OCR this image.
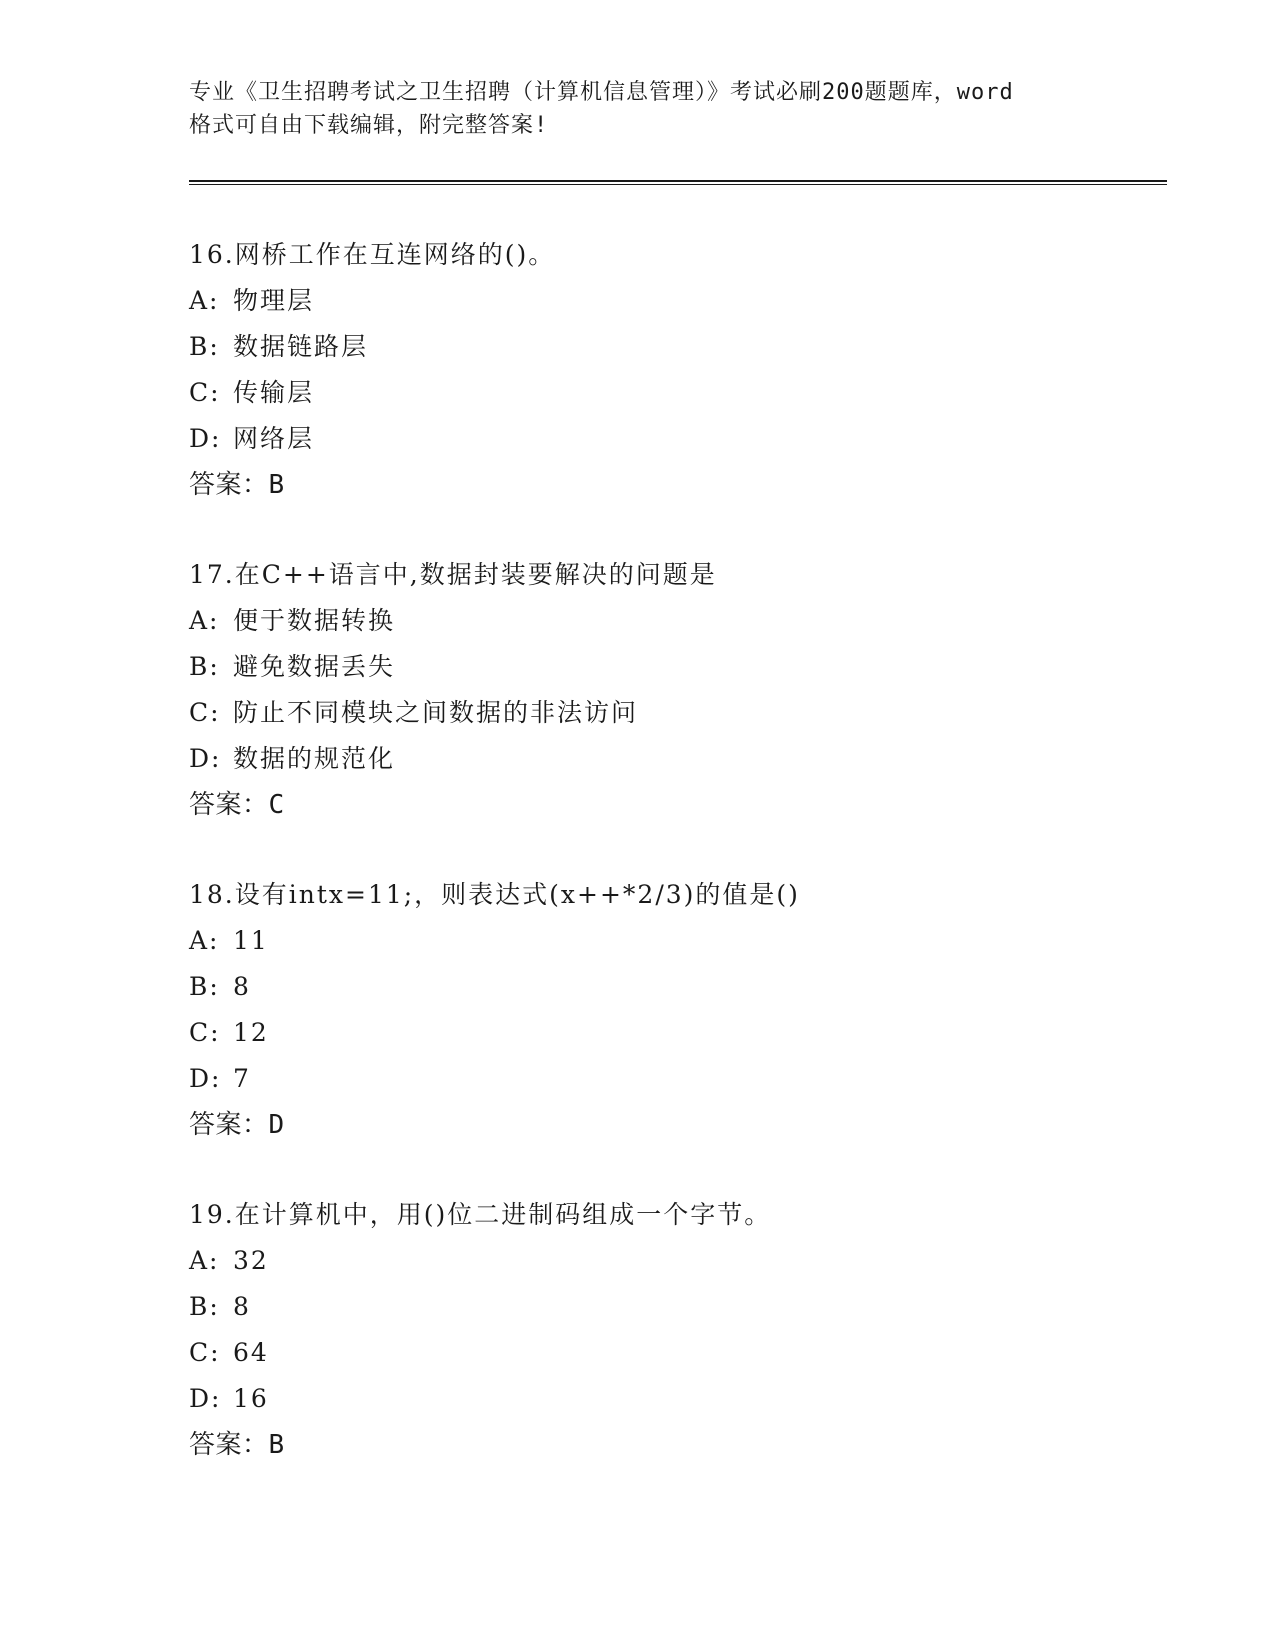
专业《卫生招聘考试之卫生招聘（计算机信息管理）》考试必刷200题题库，word
格式可自由下载编辑，附完整答案!
16.网桥工作在互连网络的()。
A: 物理层
B: 数据链路层
C: 传输层
D: 网络层
答案：B
17.在C++语言中,数据封装要解决的问题是
A: 便于数据转换
B: 避免数据丢失
C: 防止不同模块之间数据的非法访问
D: 数据的规范化
答案：C
18.设有intx=11;，则表达式(x++*2/3)的值是()
A: 11
B: 8
C: 12
D: 7
答案：D
19.在计算机中，用()位二进制码组成一个字节。
A: 32
B: 8
C: 64
D: 16
答案：B
